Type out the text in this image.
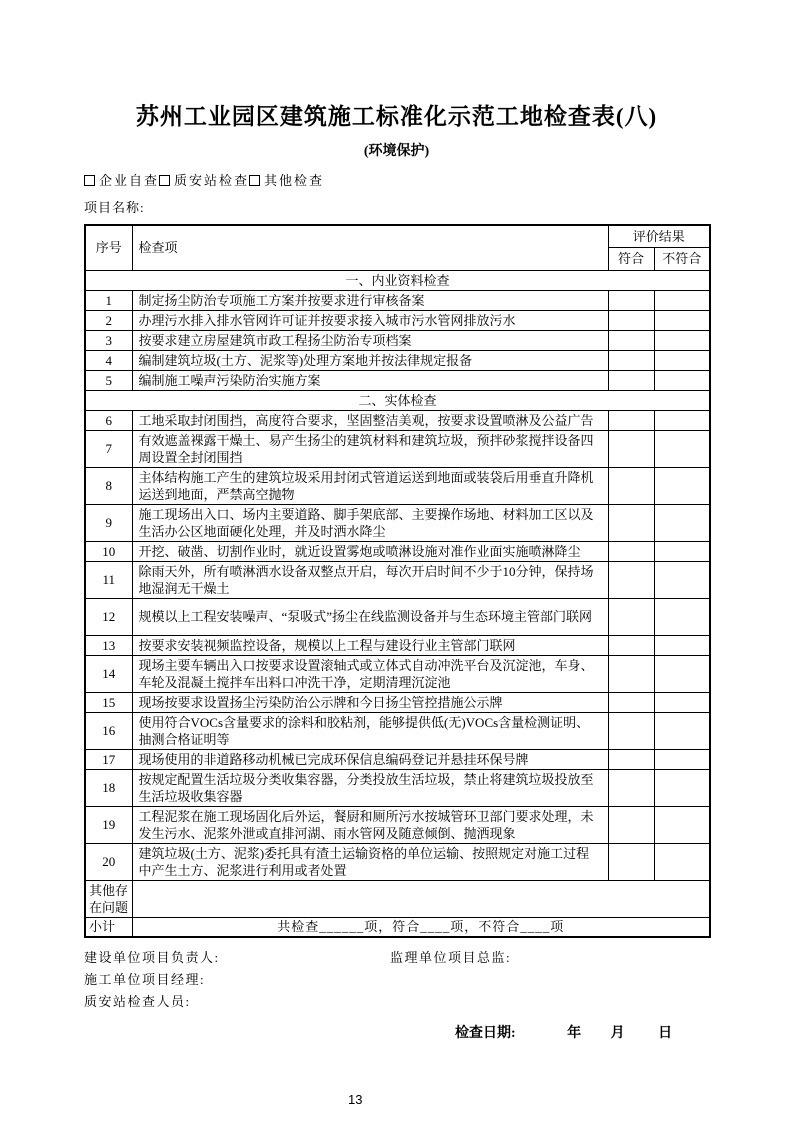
苏州工业园区建筑施工标准化示范工地检查表(八)
(环境保护)
企业自查 质安站检查 其他检查
项目名称:
序号	检查项	评价结果	
		符合	不符合
一、内业资料检查			
1	制定扬尘防治专项施工方案并按要求进行审核备案		
2	办理污水排入排水管网许可证并按要求接入城市污水管网排放污水		
3	按要求建立房屋建筑市政工程扬尘防治专项档案		
4	编制建筑垃圾(土方、泥浆等)处理方案地并按法律规定报备		
5	编制施工噪声污染防治实施方案		
二、实体检查			
6	工地采取封闭围挡，高度符合要求，坚固整洁美观，按要求设置喷淋及公益广告		
7	有效遮盖裸露干燥土、易产生扬尘的建筑材料和建筑垃圾，预拌砂浆搅拌设备四周设置全封闭围挡		
8	主体结构施工产生的建筑垃圾采用封闭式管道运送到地面或装袋后用垂直升降机运送到地面，严禁高空抛物		
9	施工现场出入口、场内主要道路、脚手架底部、主要操作场地、材料加工区以及生活办公区地面硬化处理，并及时洒水降尘		
10	开挖、破凿、切割作业时，就近设置雾炮或喷淋设施对准作业面实施喷淋降尘		
11	除雨天外，所有喷淋洒水设备双整点开启，每次开启时间不少于10分钟，保持场地湿润无干燥土		
12	规模以上工程安装噪声、“泵吸式”扬尘在线监测设备并与生态环境主管部门联网		
13	按要求安装视频监控设备，规模以上工程与建设行业主管部门联网		
14	现场主要车辆出入口按要求设置滚轴式或立体式自动冲洗平台及沉淀池，车身、车轮及混凝土搅拌车出料口冲洗干净，定期清理沉淀池		
15	现场按要求设置扬尘污染防治公示牌和今日扬尘管控措施公示牌		
16	使用符合VOCs含量要求的涂料和胶粘剂，能够提供低(无)VOCs含量检测证明、抽测合格证明等		
17	现场使用的非道路移动机械已完成环保信息编码登记并悬挂环保号牌		
18	按规定配置生活垃圾分类收集容器，分类投放生活垃圾，禁止将建筑垃圾投放至生活垃圾收集容器		
19	工程泥浆在施工现场固化后外运，餐厨和厕所污水按城管环卫部门要求处理，未发生污水、泥浆外泄或直排河湖、雨水管网及随意倾倒、抛洒现象		
20	建筑垃圾(土方、泥浆)委托具有渣土运输资格的单位运输、按照规定对施工过程中产生土方、泥浆进行利用或者处置		
其他存在问题			
小计	共检查______项，符合____项，不符合____项		
建设单位项目负责人:	监理单位项目总监:
施工单位项目经理:
质安站检查人员:
检查日期:	年 月 日
13
